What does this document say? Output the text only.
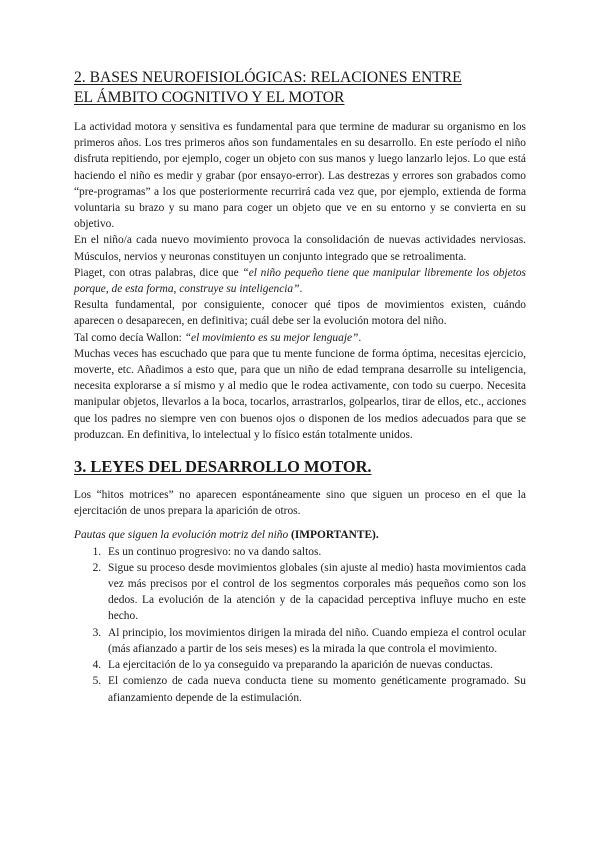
2. BASES NEUROFISIOLÓGICAS: RELACIONES ENTRE
EL ÁMBITO COGNITIVO Y EL MOTOR

La actividad motora y sensitiva es fundamental para que termine de madurar su organismo en los primeros años. Los tres primeros años son fundamentales en su desarrollo. En este período el niño disfruta repitiendo, por ejemplo, coger un objeto con sus manos y luego lanzarlo lejos. Lo que está haciendo el niño es medir y grabar (por ensayo-error). Las destrezas y errores son grabados como “pre-programas” a los que posteriormente recurrirá cada vez que, por ejemplo, extienda de forma voluntaria su brazo y su mano para coger un objeto que ve en su entorno y se convierta en su objetivo.

En el niño/a cada nuevo movimiento provoca la consolidación de nuevas actividades nerviosas. Músculos, nervios y neuronas constituyen un conjunto integrado que se retroalimenta.

Piaget, con otras palabras, dice que “el niño pequeño tiene que manipular libremente los objetos porque, de esta forma, construye su inteligencia”.

Resulta fundamental, por consiguiente, conocer qué tipos de movimientos existen, cuándo aparecen o desaparecen, en definitiva; cuál debe ser la evolución motora del niño.

Tal como decía Wallon: “el movimiento es su mejor lenguaje”.

Muchas veces has escuchado que para que tu mente funcione de forma óptima, necesitas ejercicio, moverte, etc. Añadimos a esto que, para que un niño de edad temprana desarrolle su inteligencia, necesita explorarse a sí mismo y al medio que le rodea activamente, con todo su cuerpo. Necesita manipular objetos, llevarlos a la boca, tocarlos, arrastrarlos, golpearlos, tirar de ellos, etc., acciones que los padres no siempre ven con buenos ojos o disponen de los medios adecuados para que se produzcan. En definitiva, lo intelectual y lo físico están totalmente unidos.

3. LEYES DEL DESARROLLO MOTOR.

Los “hitos motrices” no aparecen espontáneamente sino que siguen un proceso en el que la ejercitación de unos prepara la aparición de otros.

Pautas que siguen la evolución motriz del niño (IMPORTANTE).

1. Es un continuo progresivo: no va dando saltos.
2. Sigue su proceso desde movimientos globales (sin ajuste al medio) hasta movimientos cada vez más precisos por el control de los segmentos corporales más pequeños como son los dedos. La evolución de la atención y de la capacidad perceptiva influye mucho en este hecho.
3. Al principio, los movimientos dirigen la mirada del niño. Cuando empieza el control ocular (más afianzado a partir de los seis meses) es la mirada la que controla el movimiento.
4. La ejercitación de lo ya conseguido va preparando la aparición de nuevas conductas.
5. El comienzo de cada nueva conducta tiene su momento genéticamente programado. Su afianzamiento depende de la estimulación.
